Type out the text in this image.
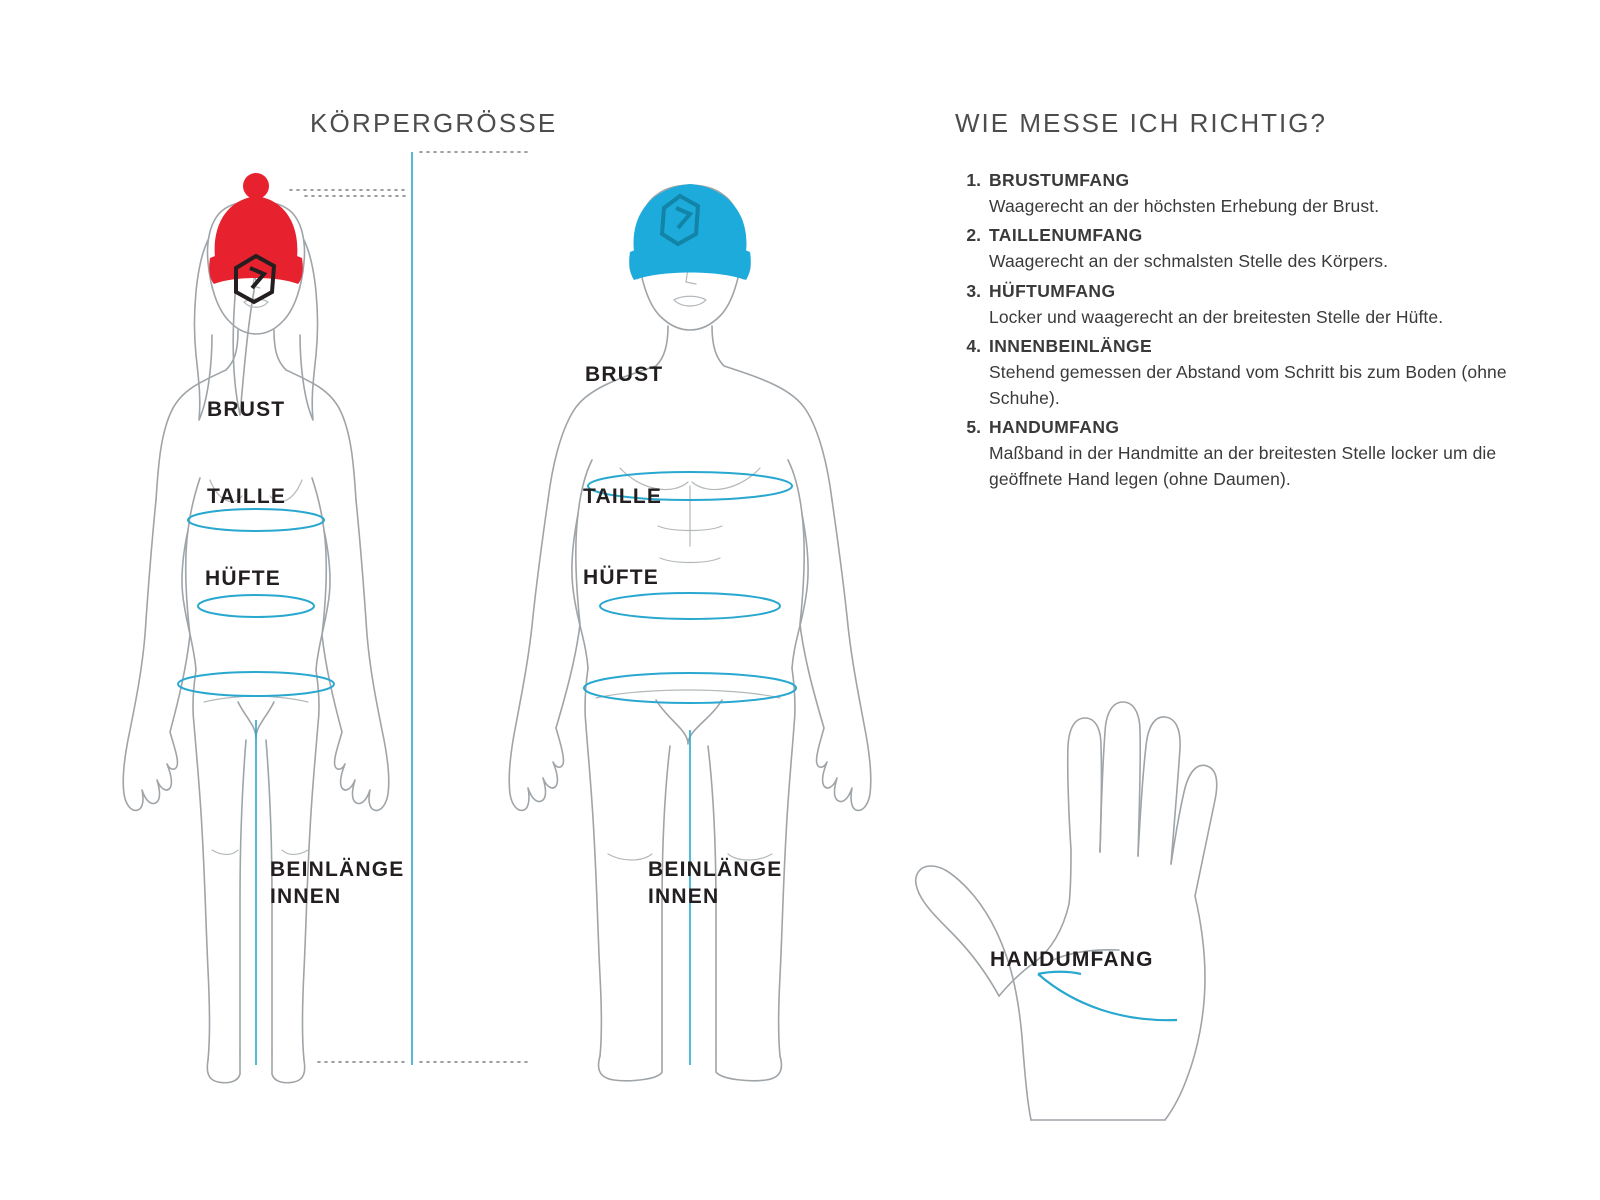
KÖRPERGRÖSSE
BRUST
TAILLE
HÜFTE
BEINLÄNGE
INNEN
BRUST
TAILLE
HÜFTE
BEINLÄNGE
INNEN
WIE MESSE ICH RICHTIG?
1. BRUSTUMFANG
Waagerecht an der höchsten Erhebung der Brust.
2. TAILLENUMFANG
Waagerecht an der schmalsten Stelle des Körpers.
3. HÜFTUMFANG
Locker und waagerecht an der breitesten Stelle der Hüfte.
4. INNENBEINLÄNGE
Stehend gemessen der Abstand vom Schritt bis zum Boden (ohne Schuhe).
5. HANDUMFANG
Maßband in der Handmitte an der breitesten Stelle locker um die geöffnete Hand legen (ohne Daumen).
HANDUMFANG
